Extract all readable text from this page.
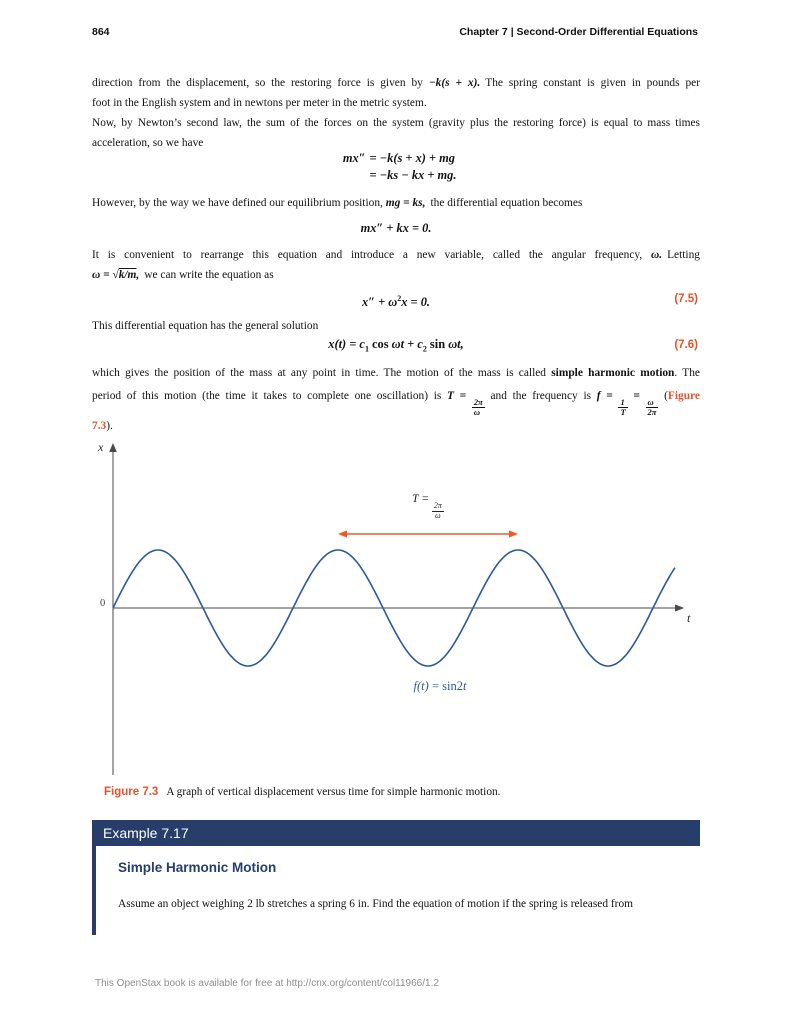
864	Chapter 7 | Second-Order Differential Equations
direction from the displacement, so the restoring force is given by −k(s + x). The spring constant is given in pounds per
foot in the English system and in newtons per meter in the metric system.
Now, by Newton’s second law, the sum of the forces on the system (gravity plus the restoring force) is equal to mass times
acceleration, so we have
mx″ = −k(s + x) + mg
= −ks − kx + mg.
However, by the way we have defined our equilibrium position, mg = ks, the differential equation becomes
mx″ + kx = 0.
It is convenient to rearrange this equation and introduce a new variable, called the angular frequency, ω. Letting
ω = √k/m, we can write the equation as
$x'' + \omega^2x = 0$.	(7.5)
This differential equation has the general solution
$x(t) = c_1$ $\cos \omega t + c_2$ sin ωt,	(7.6)
which gives the position of the mass at any point in time. The motion of the mass is called simple harmonic motion. The
period of this motion (the time it takes to complete one oscillation) is T =
$\frac{2\pi}{\omega}$
and the frequency is f =
$\frac{1}{T}$
=
$\frac{\omega}{2\pi}$
(Figure
7.3).
x
0
t
T =
$\frac{2\pi}{\omega}$
f(t) = sin2t
Figure 7.3 A graph of vertical displacement versus time for simple harmonic motion.
Example 7.17
Simple Harmonic Motion
Assume an object weighing 2 lb stretches a spring 6 in. Find the equation of motion if the spring is released from
This OpenStax book is available for free at http://cnx.org/content/col11966/1.2
